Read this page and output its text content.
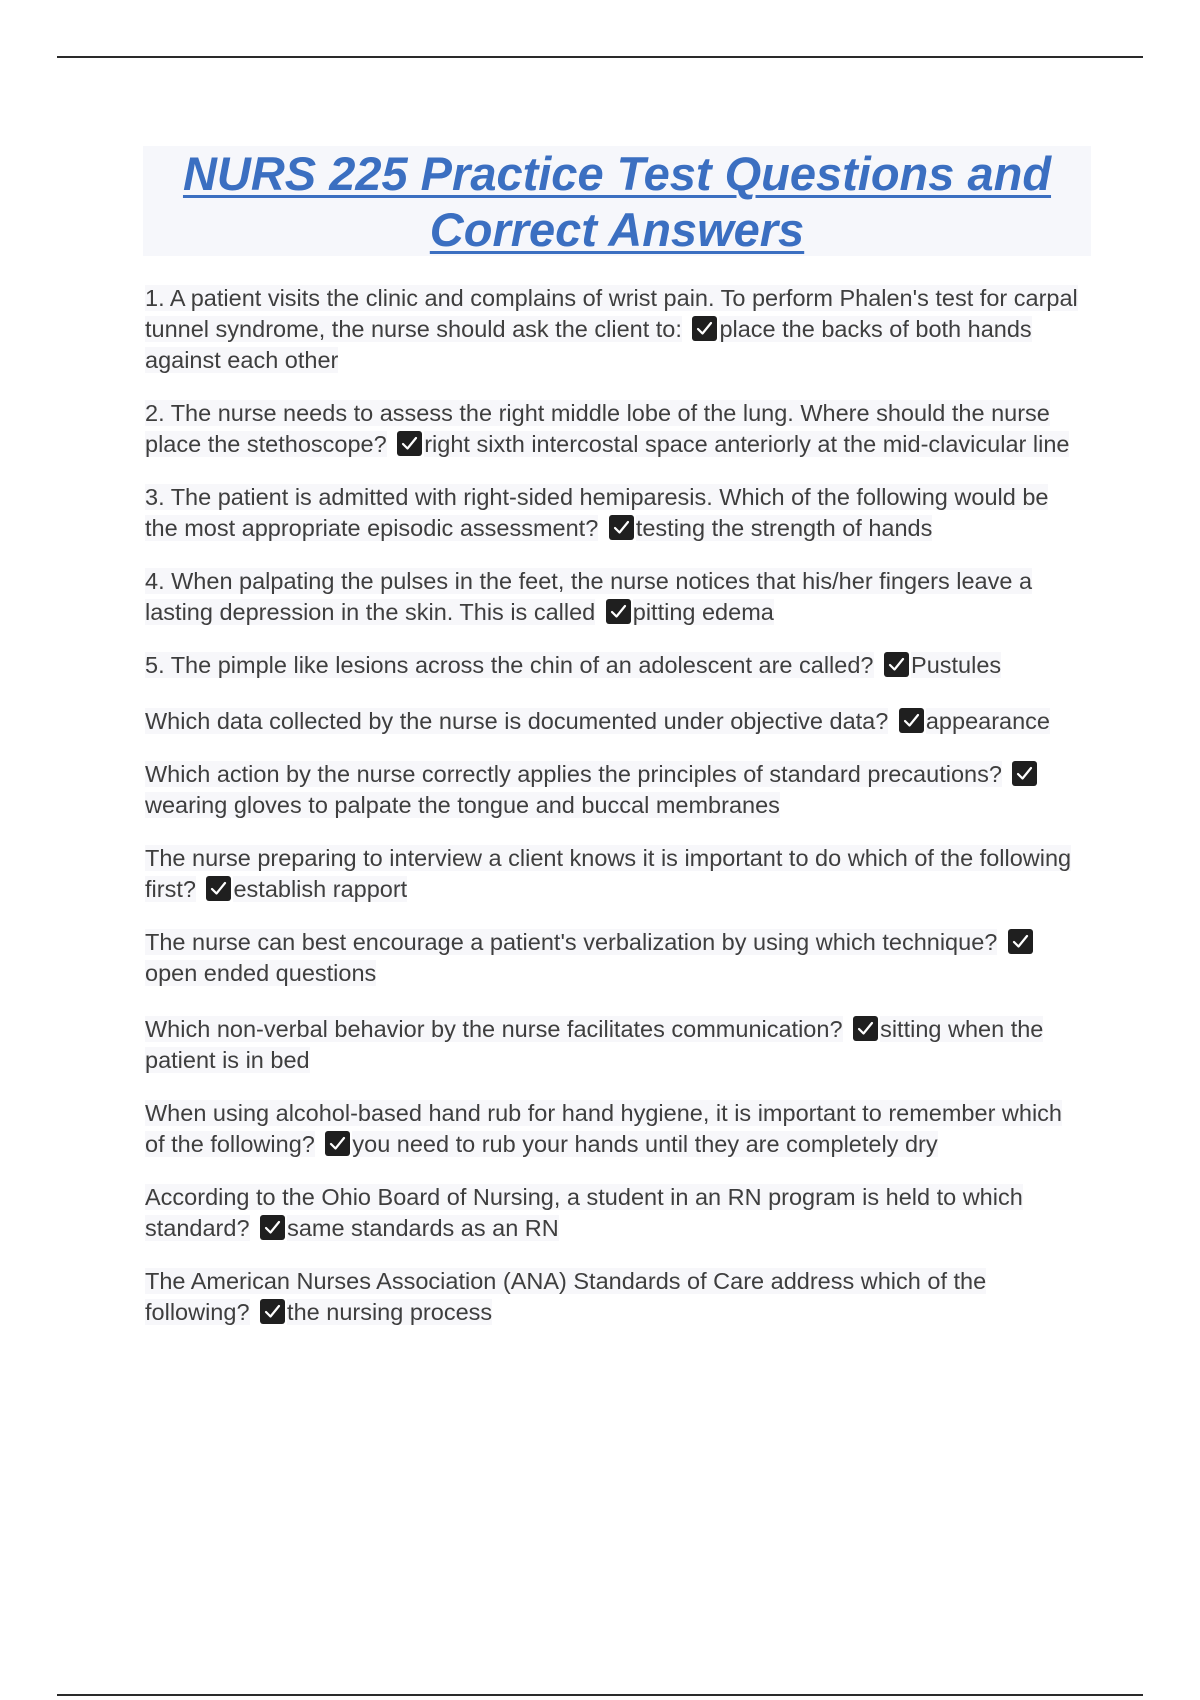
NURS 225 Practice Test Questions and Correct Answers

1. A patient visits the clinic and complains of wrist pain. To perform Phalen's test for carpal tunnel syndrome, the nurse should ask the client to: place the backs of both hands against each other

2. The nurse needs to assess the right middle lobe of the lung. Where should the nurse place the stethoscope? right sixth intercostal space anteriorly at the mid-clavicular line

3. The patient is admitted with right-sided hemiparesis. Which of the following would be the most appropriate episodic assessment? testing the strength of hands

4. When palpating the pulses in the feet, the nurse notices that his/her fingers leave a lasting depression in the skin. This is called pitting edema

5. The pimple like lesions across the chin of an adolescent are called? Pustules

Which data collected by the nurse is documented under objective data? appearance

Which action by the nurse correctly applies the principles of standard precautions?
wearing gloves to palpate the tongue and buccal membranes

The nurse preparing to interview a client knows it is important to do which of the following first? establish rapport

The nurse can best encourage a patient's verbalization by using which technique?
open ended questions

Which non-verbal behavior by the nurse facilitates communication? sitting when the patient is in bed

When using alcohol-based hand rub for hand hygiene, it is important to remember which of the following? you need to rub your hands until they are completely dry

According to the Ohio Board of Nursing, a student in an RN program is held to which standard? same standards as an RN

The American Nurses Association (ANA) Standards of Care address which of the following? the nursing process
